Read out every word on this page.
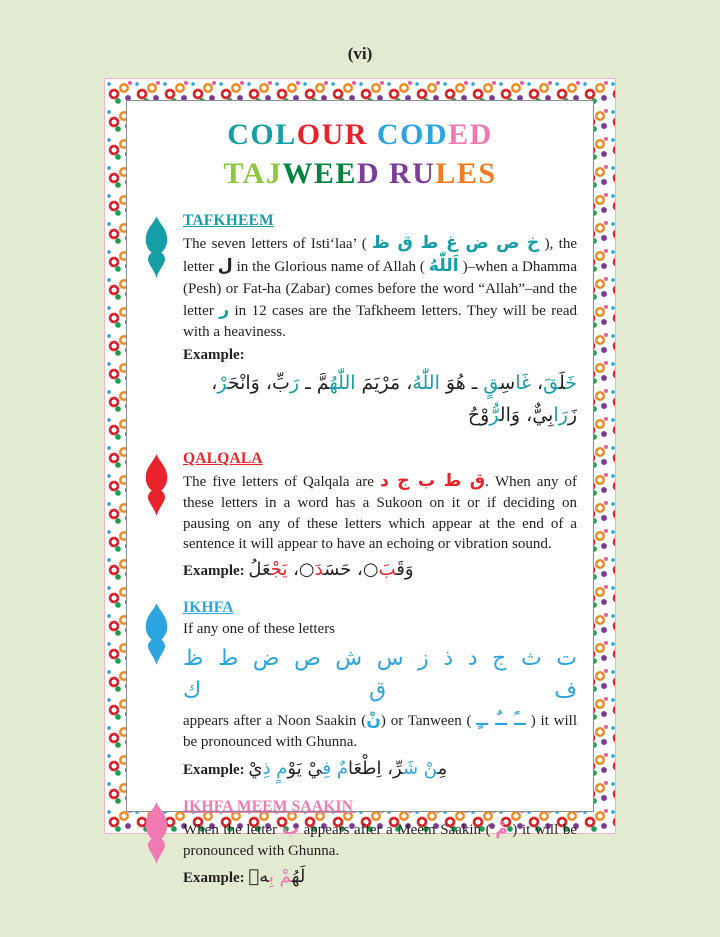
(vi)
COLOUR CODED
TAJWEED RULES
TAFKHEEM

The seven letters of Isti‘laa’ ( خ ص ض غ ط ق ظ ), the letter ل in the Glorious name of Allah ( اَللّٰهُ )–when a Dhamma (Pesh) or Fat-ha (Zabar) comes before the word “Allah”–and the letter ر in 12 cases are the Tafkheem letters. They will be read with a heaviness.

Example:

خَلَقَ، غَاسِقٍ ـ هُوَ اللّٰهُ، مَرْيَمَ اللّٰهُمَّ ـ رَبِّ، وَانْحَرْ، زَرَابِيٌّ، وَالرُّوْحُ

QALQALA

The five letters of Qalqala are ق ط ب ج د. When any of these letters in a word has a Sukoon on it or if deciding on pausing on any of these letters which appear at the end of a sentence it will appear to have an echoing or vibration sound.

Example:	وَقَبَ○، حَسَدَ○، يَجْعَلُ

IKHFA

If any one of these letters

ت ث ج د ذ ز س ش ص ض ط ظ ف ق ك

appears after a Noon Saakin (نْ) or Tanween ( ــً ــٌ ــٍ ) it will be pronounced with Ghunna.

Example:	مِنْ شَرِّ، اِطْعَامٌ فِيْ يَوْمٍ ذِيْ

IKHFA MEEM SAAKIN

When the letter ب appears after a Meem Saakin ( مْ ) it will be pronounced with Ghunna.

Example:	لَهُمْ بِهٖ
